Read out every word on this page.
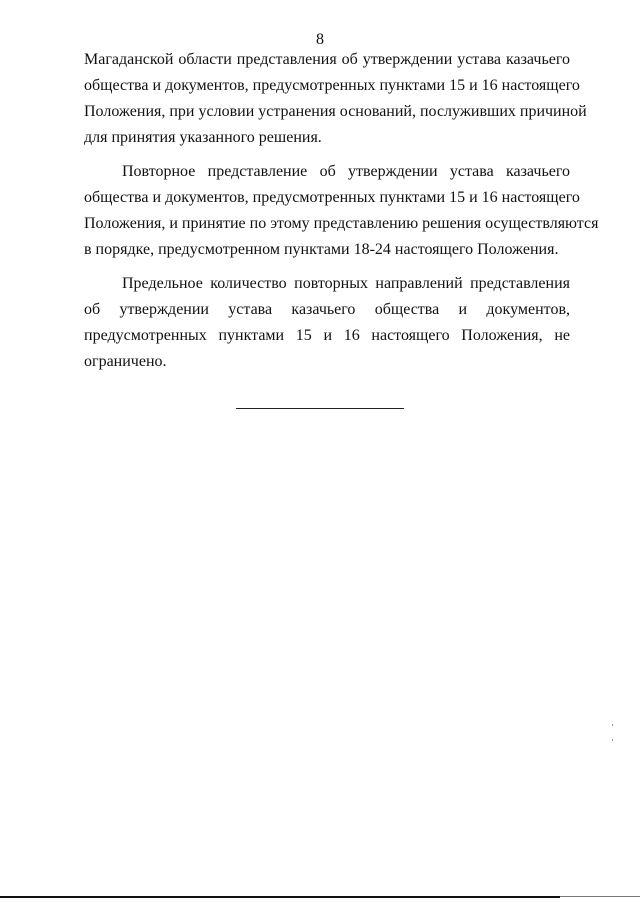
8
Магаданской области представления об утверждении устава казачьего
общества и документов, предусмотренных пунктами 15 и 16 настоящего
Положения, при условии устранения оснований, послуживших причиной
для принятия указанного решения.
Повторное представление об утверждении устава казачьего
общества и документов, предусмотренных пунктами 15 и 16 настоящего
Положения, и принятие по этому представлению решения осуществляются
в порядке, предусмотренном пунктами 18-24 настоящего Положения.
Предельное количество повторных направлений представления
об утверждении устава казачьего общества и документов,
предусмотренных пунктами 15 и 16 настоящего Положения, не
ограничено.
